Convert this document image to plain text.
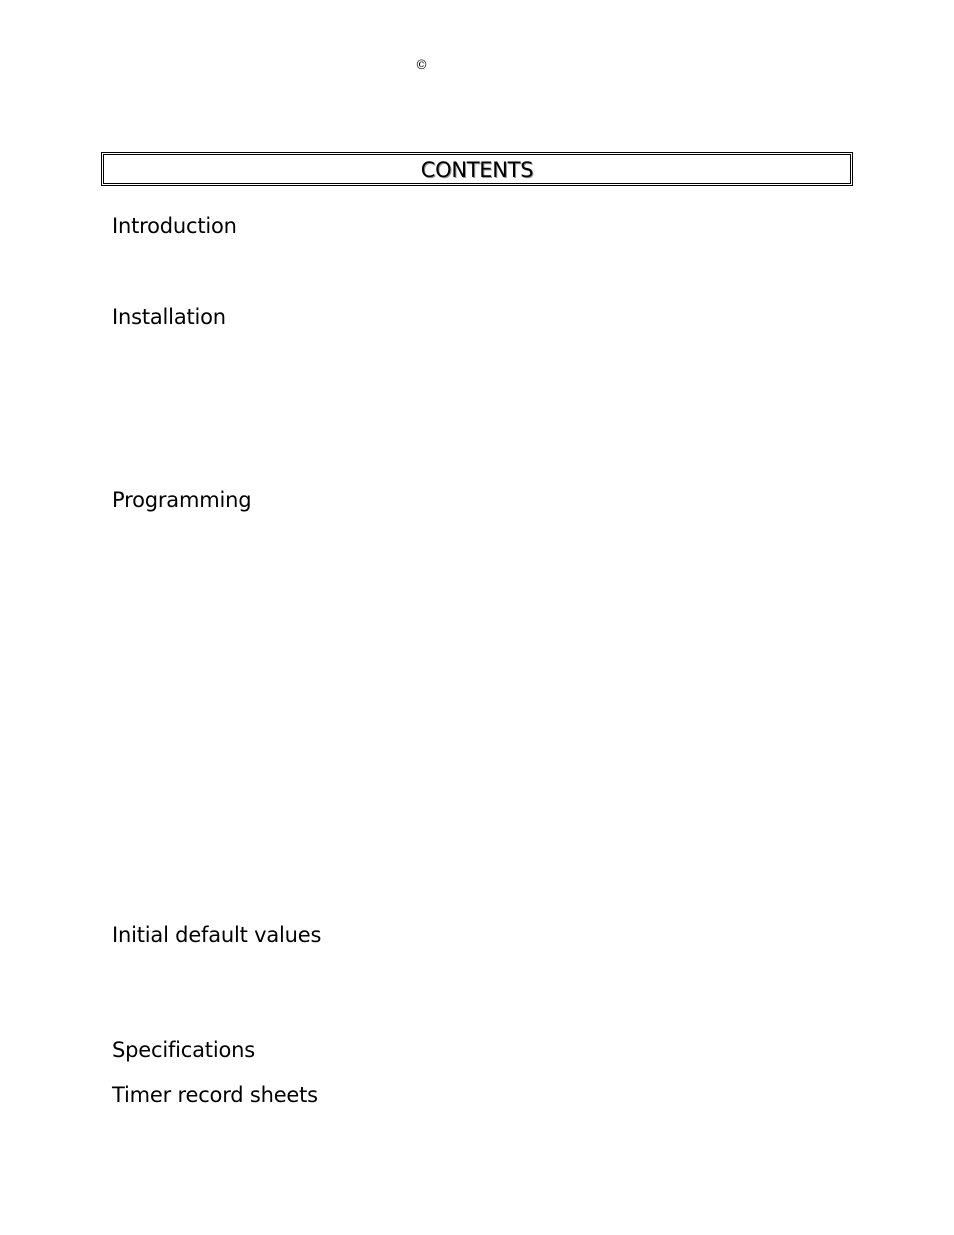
©
CONTENTS
Introduction
Installation
Programming
Initial default values
Specifications
Timer record sheets
